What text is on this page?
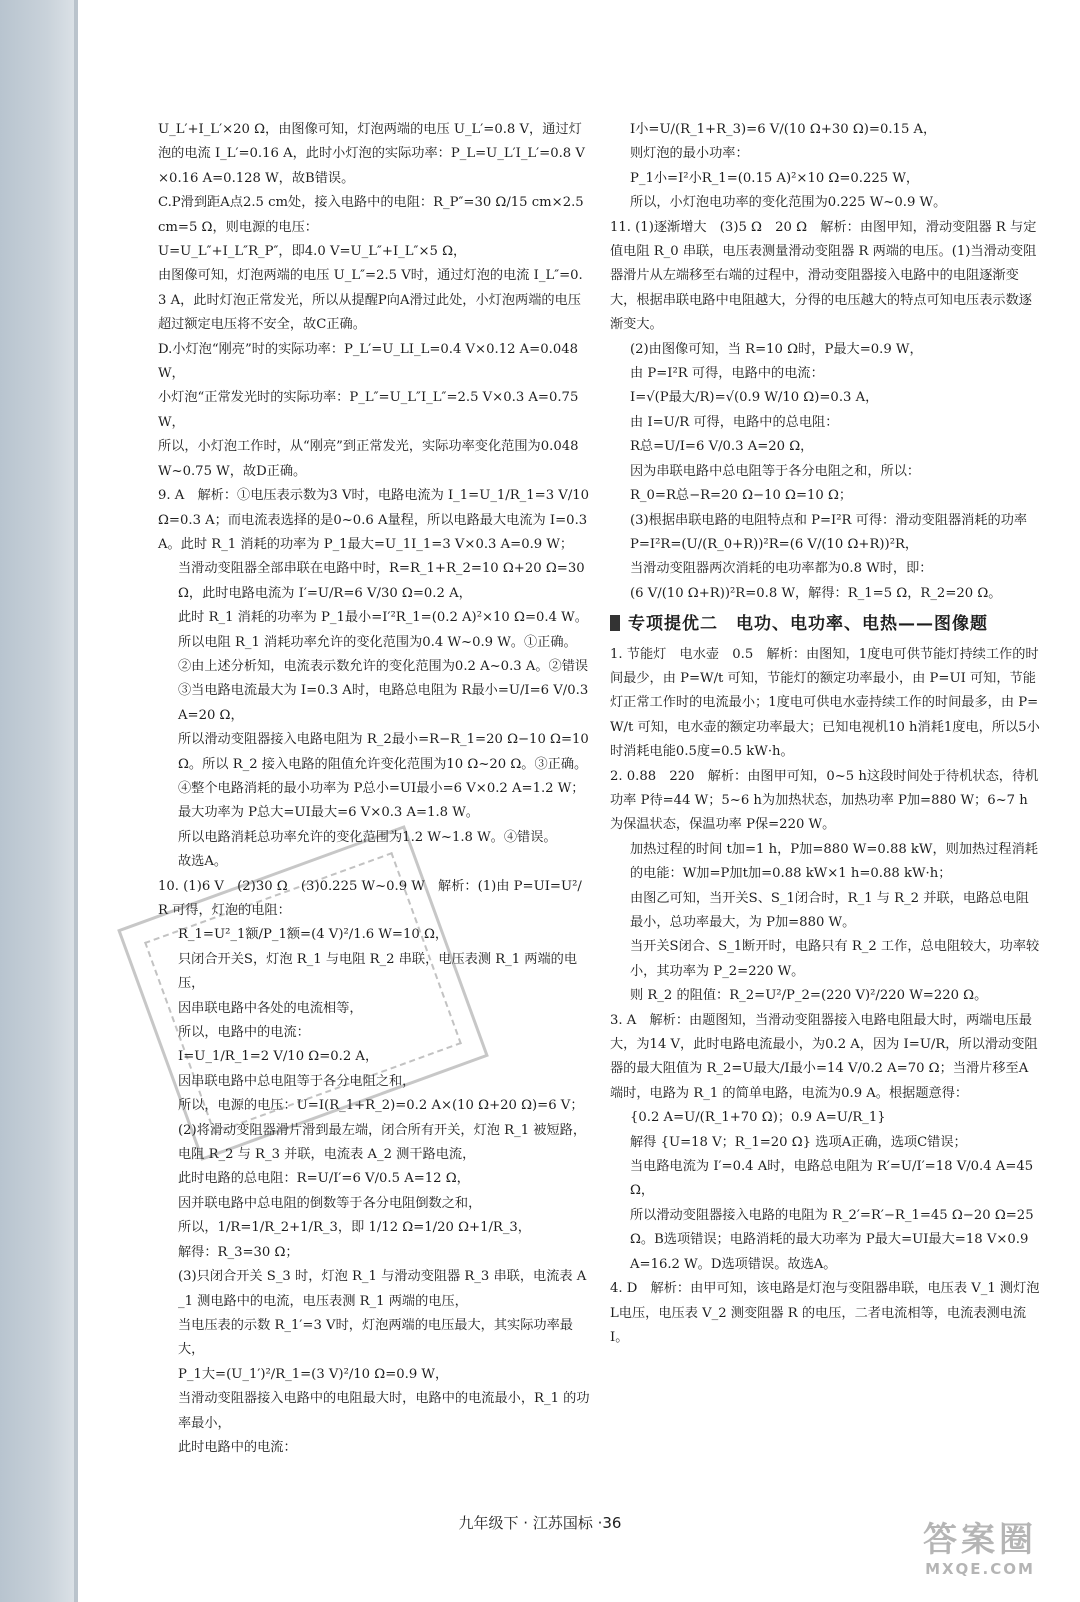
U_L′+I_L′×20 Ω，由图像可知，灯泡两端的电压 U_L′=0.8 V，通过灯泡的电流 I_L′=0.16 A，此时小灯泡的实际功率：P_L=U_L′I_L′=0.8 V×0.16 A=0.128 W，故B错误。

C.P滑到距A点2.5 cm处，接入电路中的电阻：R_P″=30 Ω/15 cm×2.5 cm=5 Ω，则电源的电压：

U=U_L″+I_L″R_P″，即4.0 V=U_L″+I_L″×5 Ω，

由图像可知，灯泡两端的电压 U_L″=2.5 V时，通过灯泡的电流 I_L″=0.3 A，此时灯泡正常发光，所以从提醒P向A滑过此处，小灯泡两端的电压超过额定电压将不安全，故C正确。

D.小灯泡“刚亮”时的实际功率：P_L′=U_LI_L=0.4 V×0.12 A=0.048 W，

小灯泡“正常发光时的实际功率：P_L″=U_L″I_L″=2.5 V×0.3 A=0.75 W，

所以，小灯泡工作时，从“刚亮”到正常发光，实际功率变化范围为0.048 W~0.75 W，故D正确。

9. A　解析：①电压表示数为3 V时，电路电流为 I_1=U_1/R_1=3 V/10 Ω=0.3 A；而电流表选择的是0~0.6 A量程，所以电路最大电流为 I=0.3 A。此时 R_1 消耗的功率为 P_1最大=U_1I_1=3 V×0.3 A=0.9 W；

当滑动变阻器全部串联在电路中时，R=R_1+R_2=10 Ω+20 Ω=30 Ω，此时电路电流为 I′=U/R=6 V/30 Ω=0.2 A，

此时 R_1 消耗的功率为 P_1最小=I′²R_1=(0.2 A)²×10 Ω=0.4 W。

所以电阻 R_1 消耗功率允许的变化范围为0.4 W~0.9 W。①正确。

②由上述分析知，电流表示数允许的变化范围为0.2 A~0.3 A。②错误

③当电路电流最大为 I=0.3 A时，电路总电阻为 R最小=U/I=6 V/0.3 A=20 Ω，

所以滑动变阻器接入电路电阻为 R_2最小=R−R_1=20 Ω−10 Ω=10 Ω。所以 R_2 接入电路的阻值允许变化范围为10 Ω~20 Ω。③正确。

④整个电路消耗的最小功率为 P总小=UI最小=6 V×0.2 A=1.2 W；

最大功率为 P总大=UI最大=6 V×0.3 A=1.8 W。

所以电路消耗总功率允许的变化范围为1.2 W~1.8 W。④错误。

故选A。

10. (1)6 V　(2)30 Ω　(3)0.225 W~0.9 W　解析：(1)由 P=UI=U²/R 可得，灯泡的电阻：

R_1=U²_1额/P_1额=(4 V)²/1.6 W=10 Ω，

只闭合开关S，灯泡 R_1 与电阻 R_2 串联，电压表测 R_1 两端的电压，

因串联电路中各处的电流相等，

所以，电路中的电流：

I=U_1/R_1=2 V/10 Ω=0.2 A，

因串联电路中总电阻等于各分电阻之和，

所以，电源的电压：U=I(R_1+R_2)=0.2 A×(10 Ω+20 Ω)=6 V；

(2)将滑动变阻器滑片滑到最左端，闭合所有开关，灯泡 R_1 被短路，电阻 R_2 与 R_3 并联，电流表 A_2 测干路电流，

此时电路的总电阻：R=U/I′=6 V/0.5 A=12 Ω，

因并联电路中总电阻的倒数等于各分电阻倒数之和，

所以，1/R=1/R_2+1/R_3，即 1/12 Ω=1/20 Ω+1/R_3，

解得：R_3=30 Ω；

(3)只闭合开关 S_3 时，灯泡 R_1 与滑动变阻器 R_3 串联，电流表 A_1 测电路中的电流，电压表测 R_1 两端的电压，

当电压表的示数 R_1′=3 V时，灯泡两端的电压最大，其实际功率最大，

P_1大=(U_1′)²/R_1=(3 V)²/10 Ω=0.9 W，

当滑动变阻器接入电路中的电阻最大时，电路中的电流最小，R_1 的功率最小，

此时电路中的电流：

I小=U/(R_1+R_3)=6 V/(10 Ω+30 Ω)=0.15 A，

则灯泡的最小功率：

P_1小=I²小R_1=(0.15 A)²×10 Ω=0.225 W，

所以，小灯泡电功率的变化范围为0.225 W~0.9 W。

11. (1)逐渐增大　(3)5 Ω　20 Ω　解析：由图甲知，滑动变阻器 R 与定值电阻 R_0 串联，电压表测量滑动变阻器 R 两端的电压。(1)当滑动变阻器滑片从左端移至右端的过程中，滑动变阻器接入电路中的电阻逐渐变大，根据串联电路中电阻越大，分得的电压越大的特点可知电压表示数逐渐变大。

(2)由图像可知，当 R=10 Ω时，P最大=0.9 W，

由 P=I²R 可得，电路中的电流：

I=√(P最大/R)=√(0.9 W/10 Ω)=0.3 A，

由 I=U/R 可得，电路中的总电阻：

R总=U/I=6 V/0.3 A=20 Ω，

因为串联电路中总电阻等于各分电阻之和，所以：

R_0=R总−R=20 Ω−10 Ω=10 Ω；

(3)根据串联电路的电阻特点和 P=I²R 可得：滑动变阻器消耗的功率 P=I²R=(U/(R_0+R))²R=(6 V/(10 Ω+R))²R，

当滑动变阻器两次消耗的电功率都为0.8 W时，即：

(6 V/(10 Ω+R))²R=0.8 W，解得：R_1=5 Ω，R_2=20 Ω。

专项提优二　电功、电功率、电热——图像题

1. 节能灯　电水壶　0.5　解析：由图知，1度电可供节能灯持续工作的时间最少，由 P=W/t 可知，节能灯的额定功率最小，由 P=UI 可知，节能灯正常工作时的电流最小；1度电可供电水壶持续工作的时间最多，由 P=W/t 可知，电水壶的额定功率最大；已知电视机10 h消耗1度电，所以5小时消耗电能0.5度=0.5 kW·h。

2. 0.88　220　解析：由图甲可知，0~5 h这段时间处于待机状态，待机功率 P待=44 W；5~6 h为加热状态，加热功率 P加=880 W；6~7 h为保温状态，保温功率 P保=220 W。

加热过程的时间 t加=1 h，P加=880 W=0.88 kW，则加热过程消耗的电能：W加=P加t加=0.88 kW×1 h=0.88 kW·h；

由图乙可知，当开关S、S_1闭合时，R_1 与 R_2 并联，电路总电阻最小，总功率最大，为 P加=880 W。

当开关S闭合、S_1断开时，电路只有 R_2 工作，总电阻较大，功率较小，其功率为 P_2=220 W。

则 R_2 的阻值：R_2=U²/P_2=(220 V)²/220 W=220 Ω。

3. A　解析：由题图知，当滑动变阻器接入电路电阻最大时，两端电压最大，为14 V，此时电路电流最小，为0.2 A，因为 I=U/R，所以滑动变阻器的最大阻值为 R_2=U最大/I最小=14 V/0.2 A=70 Ω；当滑片移至A端时，电路为 R_1 的简单电路，电流为0.9 A。根据题意得：

{0.2 A=U/(R_1+70 Ω)；0.9 A=U/R_1}

解得 {U=18 V；R_1=20 Ω} 选项A正确，选项C错误；

当电路电流为 I′=0.4 A时，电路总电阻为 R′=U/I′=18 V/0.4 A=45 Ω，

所以滑动变阻器接入电路的电阻为 R_2′=R′−R_1=45 Ω−20 Ω=25 Ω。B选项错误；电路消耗的最大功率为 P最大=UI最大=18 V×0.9 A=16.2 W。D选项错误。故选A。

4. D　解析：由甲可知，该电路是灯泡与变阻器串联，电压表 V_1 测灯泡L电压，电压表 V_2 测变阻器 R 的电压，二者电流相等，电流表测电流 I。

九年级下 · 江苏国标 ·36	答案圈
MXQE.COM
